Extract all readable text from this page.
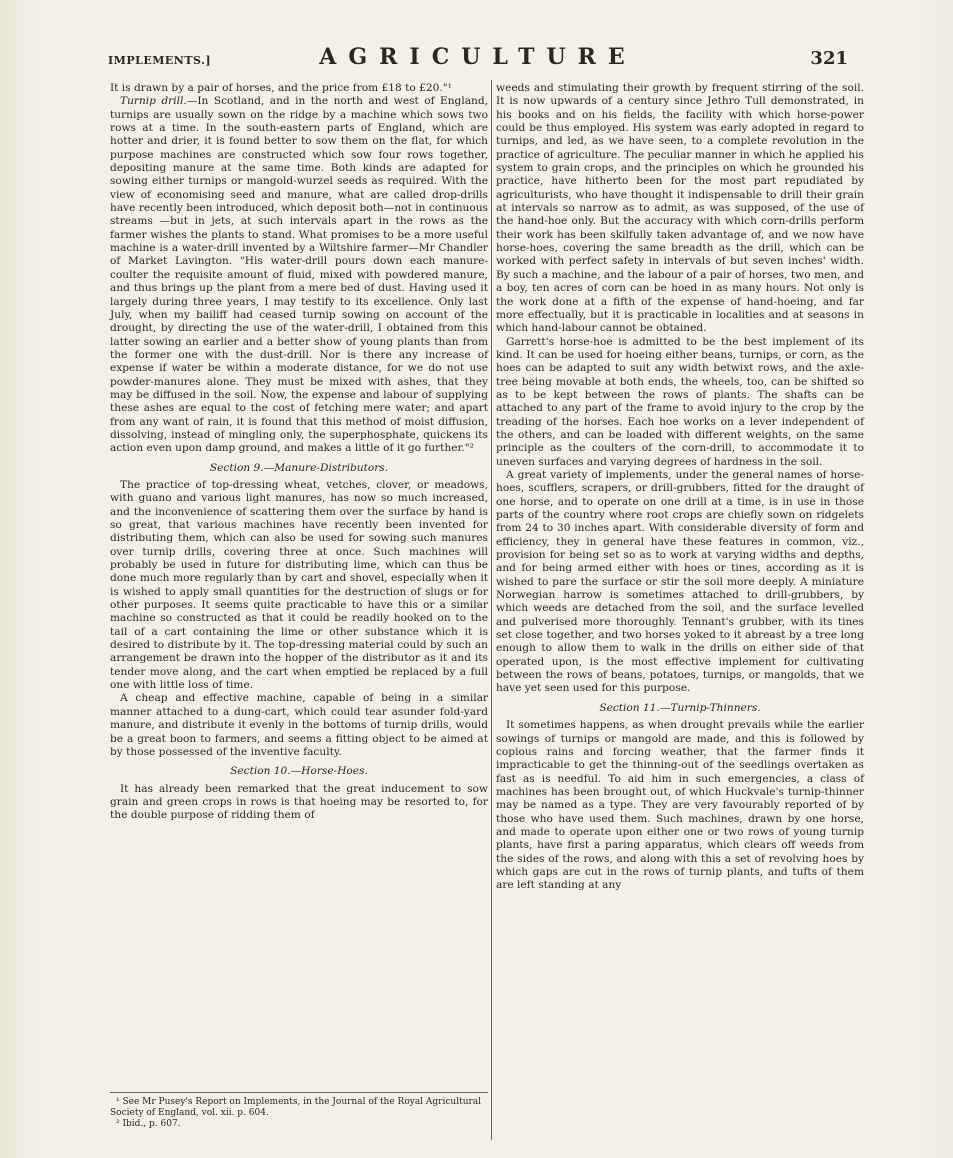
IMPLEMENTS.]	AGRICULTURE	321

It is drawn by a pair of horses, and the price from £18 to £20."¹

Turnip drill.—In Scotland, and in the north and west of England, turnips are usually sown on the ridge by a machine which sows two rows at a time. In the south-eastern parts of England, which are hotter and drier, it is found better to sow them on the flat, for which purpose machines are constructed which sow four rows together, depositing manure at the same time. Both kinds are adapted for sowing either turnips or mangold-wurzel seeds as required. With the view of economising seed and manure, what are called drop-drills have recently been introduced, which deposit both—not in continuous streams —but in jets, at such intervals apart in the rows as the farmer wishes the plants to stand. What promises to be a more useful machine is a water-drill invented by a Wiltshire farmer—Mr Chandler of Market Lavington. "His water-drill pours down each manure-coulter the requisite amount of fluid, mixed with powdered manure, and thus brings up the plant from a mere bed of dust. Having used it largely during three years, I may testify to its excellence. Only last July, when my bailiff had ceased turnip sowing on account of the drought, by directing the use of the water-drill, I obtained from this latter sowing an earlier and a better show of young plants than from the former one with the dust-drill. Nor is there any increase of expense if water be within a moderate distance, for we do not use powder-manures alone. They must be mixed with ashes, that they may be diffused in the soil. Now, the expense and labour of supplying these ashes are equal to the cost of fetching mere water; and apart from any want of rain, it is found that this method of moist diffusion, dissolving, instead of mingling only, the superphosphate, quickens its action even upon damp ground, and makes a little of it go further."²

Section 9.—Manure-Distributors.

The practice of top-dressing wheat, vetches, clover, or meadows, with guano and various light manures, has now so much increased, and the inconvenience of scattering them over the surface by hand is so great, that various machines have recently been invented for distributing them, which can also be used for sowing such manures over turnip drills, covering three at once. Such machines will probably be used in future for distributing lime, which can thus be done much more regularly than by cart and shovel, especially when it is wished to apply small quantities for the destruction of slugs or for other purposes. It seems quite practicable to have this or a similar machine so constructed as that it could be readily hooked on to the tail of a cart containing the lime or other substance which it is desired to distribute by it. The top-dressing material could by such an arrangement be drawn into the hopper of the distributor as it and its tender move along, and the cart when emptied be replaced by a full one with little loss of time.

A cheap and effective machine, capable of being in a similar manner attached to a dung-cart, which could tear asunder fold-yard manure, and distribute it evenly in the bottoms of turnip drills, would be a great boon to farmers, and seems a fitting object to be aimed at by those possessed of the inventive faculty.

Section 10.—Horse-Hoes.

It has already been remarked that the great inducement to sow grain and green crops in rows is that hoeing may be resorted to, for the double purpose of ridding them of

weeds and stimulating their growth by frequent stirring of the soil. It is now upwards of a century since Jethro Tull demonstrated, in his books and on his fields, the facility with which horse-power could be thus employed. His system was early adopted in regard to turnips, and led, as we have seen, to a complete revolution in the practice of agriculture. The peculiar manner in which he applied his system to grain crops, and the principles on which he grounded his practice, have hitherto been for the most part repudiated by agriculturists, who have thought it indispensable to drill their grain at intervals so narrow as to admit, as was supposed, of the use of the hand-hoe only. But the accuracy with which corn-drills perform their work has been skilfully taken advantage of, and we now have horse-hoes, covering the same breadth as the drill, which can be worked with perfect safety in intervals of but seven inches' width. By such a machine, and the labour of a pair of horses, two men, and a boy, ten acres of corn can be hoed in as many hours. Not only is the work done at a fifth of the expense of hand-hoeing, and far more effectually, but it is practicable in localities and at seasons in which hand-labour cannot be obtained.

Garrett's horse-hoe is admitted to be the best implement of its kind. It can be used for hoeing either beans, turnips, or corn, as the hoes can be adapted to suit any width betwixt rows, and the axle-tree being movable at both ends, the wheels, too, can be shifted so as to be kept between the rows of plants. The shafts can be attached to any part of the frame to avoid injury to the crop by the treading of the horses. Each hoe works on a lever independent of the others, and can be loaded with different weights, on the same principle as the coulters of the corn-drill, to accommodate it to uneven surfaces and varying degrees of hardness in the soil.

A great variety of implements, under the general names of horse-hoes, scufflers, scrapers, or drill-grubbers, fitted for the draught of one horse, and to operate on one drill at a time, is in use in those parts of the country where root crops are chiefly sown on ridgelets from 24 to 30 inches apart. With considerable diversity of form and efficiency, they in general have these features in common, viz., provision for being set so as to work at varying widths and depths, and for being armed either with hoes or tines, according as it is wished to pare the surface or stir the soil more deeply. A miniature Norwegian harrow is sometimes attached to drill-grubbers, by which weeds are detached from the soil, and the surface levelled and pulverised more thoroughly. Tennant's grubber, with its tines set close together, and two horses yoked to it abreast by a tree long enough to allow them to walk in the drills on either side of that operated upon, is the most effective implement for cultivating between the rows of beans, potatoes, turnips, or mangolds, that we have yet seen used for this purpose.

Section 11.—Turnip-Thinners.

It sometimes happens, as when drought prevails while the earlier sowings of turnips or mangold are made, and this is followed by copious rains and forcing weather, that the farmer finds it impracticable to get the thinning-out of the seedlings overtaken as fast as is needful. To aid him in such emergencies, a class of machines has been brought out, of which Huckvale's turnip-thinner may be named as a type. They are very favourably reported of by those who have used them. Such machines, drawn by one horse, and made to operate upon either one or two rows of young turnip plants, have first a paring apparatus, which clears off weeds from the sides of the rows, and along with this a set of revolving hoes by which gaps are cut in the rows of turnip plants, and tufts of them are left standing at any

¹ See Mr Pusey's Report on Implements, in the Journal of the Royal Agricultural Society of England, vol. xii. p. 604.

² Ibid., p. 607.
